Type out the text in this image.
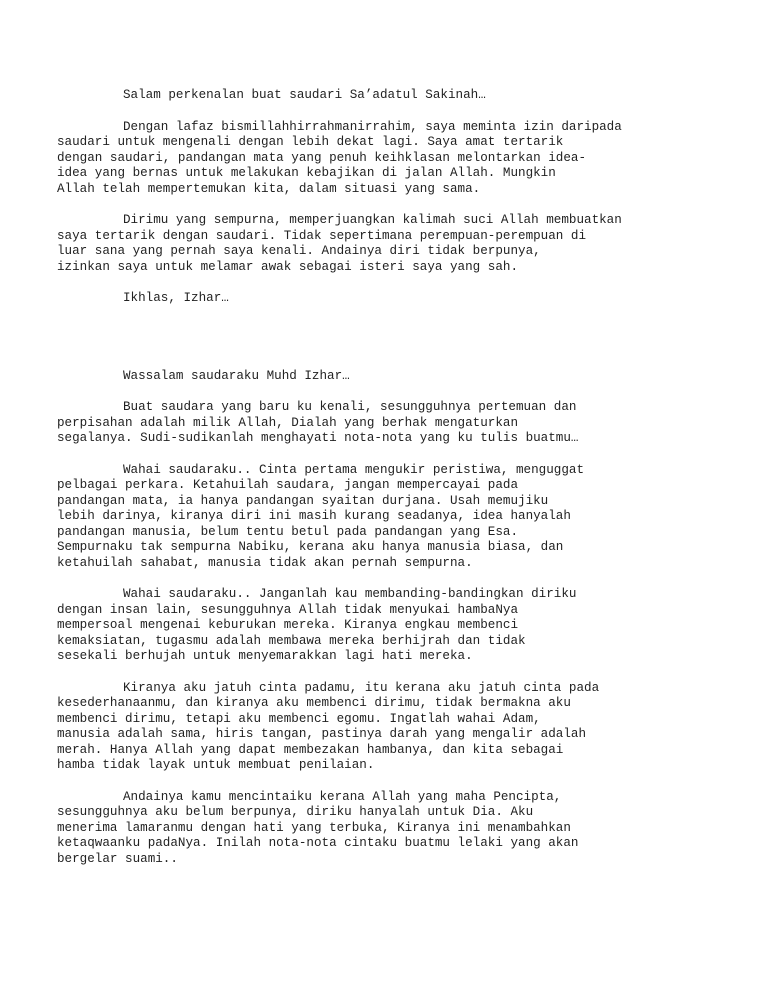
Salam perkenalan buat saudari Sa’adatul Sakinah…
Dengan lafaz bismillahhirrahmanirrahim, saya meminta izin daripada
saudari untuk mengenali dengan lebih dekat lagi. Saya amat tertarik
dengan saudari, pandangan mata yang penuh keihklasan melontarkan idea-
idea yang bernas untuk melakukan kebajikan di jalan Allah. Mungkin
Allah telah mempertemukan kita, dalam situasi yang sama.
Dirimu yang sempurna, memperjuangkan kalimah suci Allah membuatkan
saya tertarik dengan saudari. Tidak sepertimana perempuan-perempuan di
luar sana yang pernah saya kenali. Andainya diri tidak berpunya,
izinkan saya untuk melamar awak sebagai isteri saya yang sah.
Ikhlas, Izhar…
Wassalam saudaraku Muhd Izhar…
Buat saudara yang baru ku kenali, sesungguhnya pertemuan dan
perpisahan adalah milik Allah, Dialah yang berhak mengaturkan
segalanya. Sudi-sudikanlah menghayati nota-nota yang ku tulis buatmu…
Wahai saudaraku.. Cinta pertama mengukir peristiwa, menguggat
pelbagai perkara. Ketahuilah saudara, jangan mempercayai pada
pandangan mata, ia hanya pandangan syaitan durjana. Usah memujiku
lebih darinya, kiranya diri ini masih kurang seadanya, idea hanyalah
pandangan manusia, belum tentu betul pada pandangan yang Esa.
Sempurnaku tak sempurna Nabiku, kerana aku hanya manusia biasa, dan
ketahuilah sahabat, manusia tidak akan pernah sempurna.
Wahai saudaraku.. Janganlah kau membanding-bandingkan diriku
dengan insan lain, sesungguhnya Allah tidak menyukai hambaNya
mempersoal mengenai keburukan mereka. Kiranya engkau membenci
kemaksiatan, tugasmu adalah membawa mereka berhijrah dan tidak
sesekali berhujah untuk menyemarakkan lagi hati mereka.
Kiranya aku jatuh cinta padamu, itu kerana aku jatuh cinta pada
kesederhanaanmu, dan kiranya aku membenci dirimu, tidak bermakna aku
membenci dirimu, tetapi aku membenci egomu. Ingatlah wahai Adam,
manusia adalah sama, hiris tangan, pastinya darah yang mengalir adalah
merah. Hanya Allah yang dapat membezakan hambanya, dan kita sebagai
hamba tidak layak untuk membuat penilaian.
Andainya kamu mencintaiku kerana Allah yang maha Pencipta,
sesungguhnya aku belum berpunya, diriku hanyalah untuk Dia. Aku
menerima lamaranmu dengan hati yang terbuka, Kiranya ini menambahkan
ketaqwaanku padaNya. Inilah nota-nota cintaku buatmu lelaki yang akan
bergelar suami..
